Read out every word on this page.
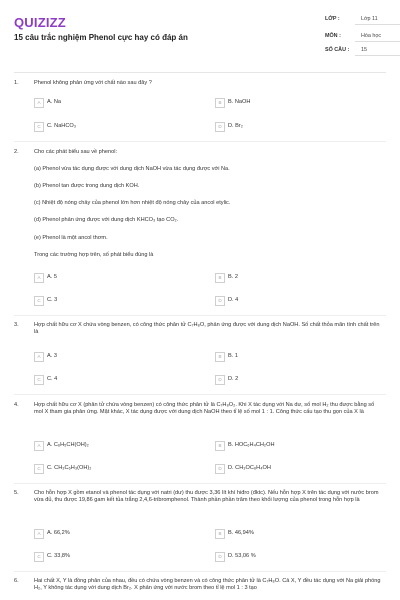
QUIZIZZ
15 câu trắc nghiệm Phenol cực hay có đáp án
LỚP :	Lớp 11
MÔN :	Hóa học
SỐ CÂU : 15
1.	Phenol không phản ứng với chất nào sau đây ?
A	A. Na	B	B. NaOH
C	C. NaHCO₃	D	D. Br₂
2.	Cho các phát biểu sau về phenol:
(a) Phenol vừa tác dụng được với dung dịch NaOH vừa tác dụng được với Na.
(b) Phenol tan được trong dung dịch KOH.
(c) Nhiệt độ nóng chảy của phenol lớn hơn nhiệt độ nóng chảy của ancol etylic.
(d) Phenol phản ứng được với dung dịch KHCO₃ tạo CO₂.
(e) Phenol là một ancol thơm.
Trong các trường hợp trên, số phát biểu đúng là
A	A. 5	B	B. 2
C	C. 3	D	D. 4
3.	Hợp chất hữu cơ X chứa vòng benzen, có công thức phân tử C₇H₈O, phản ứng được với dung dịch NaOH. Số chất thỏa mãn tính chất trên là
A	A. 3	B	B. 1
C	C. 4	D	D. 2
4.	Hợp chất hữu cơ X (phân tử chứa vòng benzen) có công thức phân tử là C₇H₈O₂. Khi X tác dụng với Na dư, số mol H₂ thu được bằng số mol X tham gia phản ứng. Mặt khác, X tác dụng được với dung dịch NaOH theo tỉ lệ số mol 1 : 1. Công thức cấu tạo thu gọn của X là
A	A. C₆H₅CH(OH)₂	B	B. HOC₆H₄CH₂OH
C	C. CH₃C₆H₃(OH)₂	D	D. CH₃OC₆H₄OH
5.	Cho hỗn hợp X gồm etanol và phenol tác dụng với natri (dư) thu được 3,36 lít khí hiđro (đktc). Nếu hỗn hợp X trên tác dụng với nước brom vừa đủ, thu được 19,86 gam kết tủa trắng 2,4,6-tribromphenol. Thành phần phần trăm theo khối lượng của phenol trong hỗn hợp là
A	A. 66,2%	B	B. 46,94%
C	C. 33,8%	D	D. 53,06 %
6.	Hai chất X, Y là đồng phân của nhau, đều có chứa vòng benzen và có công thức phân tử là C₇H₈O. Cả X, Y đều tác dụng với Na giải phóng H₂, Y không tác dụng với dung dịch Br₂. X phản ứng với nước brom theo tỉ lệ mol 1 : 3 tạo
